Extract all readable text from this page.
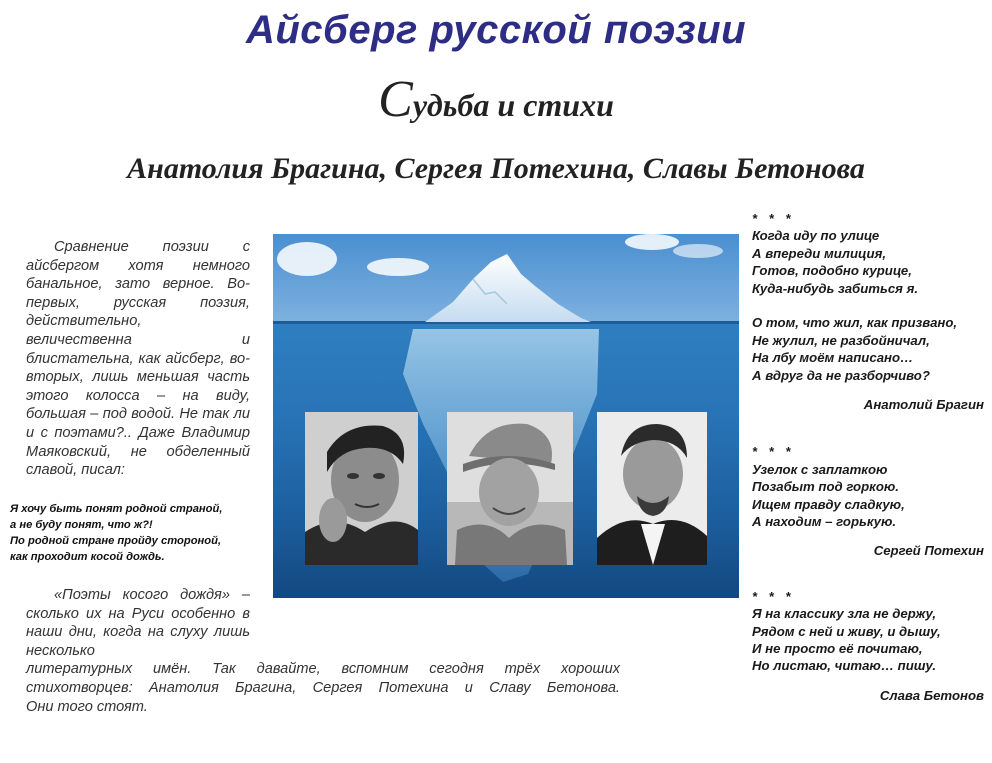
Айсберг русской поэзии
Судьба и стихи
Анатолия Брагина, Сергея Потехина, Славы Бетонова

Сравнение поэзии с айсбергом хотя немного банальное, зато верное. Во-первых, русская поэзия, действительно, величественна и блистательна, как айсберг, во-вторых, лишь меньшая часть этого колосса – на виду, большая – под водой. Не так ли и с поэтами?.. Даже Владимир Маяковский, не обделенный славой, писал:

Я хочу быть понят родной страной,
а не буду понят, что ж?!
По родной стране пройду стороной,
как проходит косой дождь.

«Поэты косого дождя» – сколько их на Руси особенно в наши дни, когда на слуху лишь несколько

литературных имён. Так давайте, вспомним сегодня трёх хороших

стихотворцев: Анатолия Брагина, Сергея Потехина и Славу Бетонова.

Они того стоят.

* * *
Когда иду по улице
А впереди милиция,
Готов, подобно курице,
Куда-нибудь забиться я.
О том, что жил, как призвано,
Не жулил, не разбойничал,
На лбу моём написано…
А вдруг да не разборчиво?
Анатолий Брагин
* * *
Узелок с заплаткою
Позабыт под горкою.
Ищем правду сладкую,
А находим – горькую.
Сергей Потехин
* * *
Я на классику зла не держу,
Рядом с ней и живу, и дышу,
И не просто её почитаю,
Но листаю, читаю… пишу.
Слава Бетонов
